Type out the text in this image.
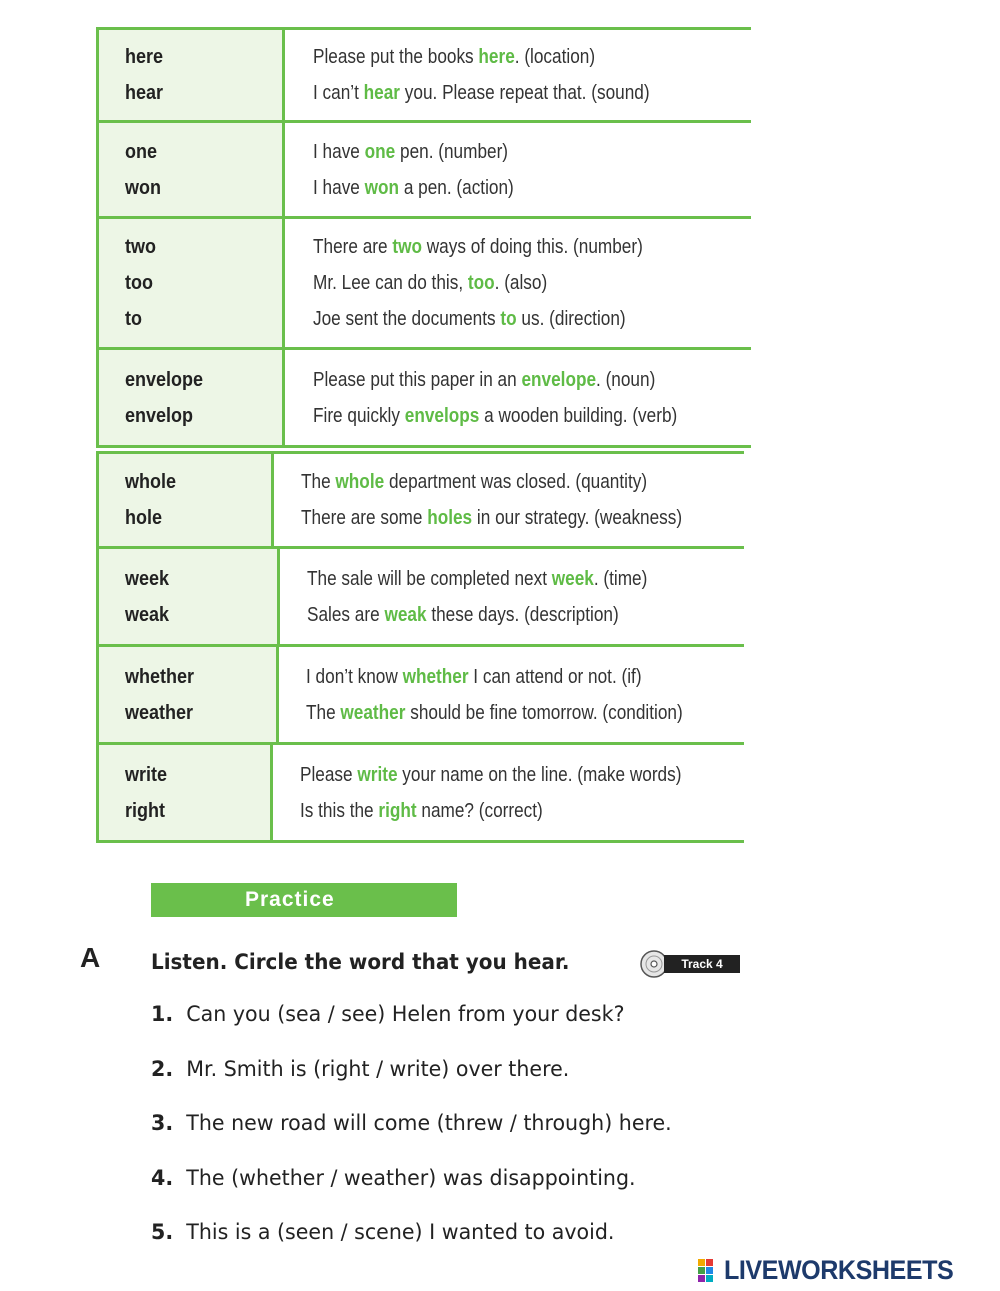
here
hear
Please put the books here. (location)
I can’t hear you. Please repeat that. (sound)
one
won
I have one pen. (number)
I have won a pen. (action)
two
too
to
There are two ways of doing this. (number)
Mr. Lee can do this, too. (also)
Joe sent the documents to us. (direction)
envelope
envelop
Please put this paper in an envelope. (noun)
Fire quickly envelops a wooden building. (verb)
whole
hole
The whole department was closed. (quantity)
There are some holes in our strategy. (weakness)
week
weak
The sale will be completed next week. (time)
Sales are weak these days. (description)
whether
weather
I don’t know whether I can attend or not. (if)
The weather should be fine tomorrow. (condition)
write
right
Please write your name on the line. (make words)
Is this the right name? (correct)
Practice
A Listen. Circle the word that you hear.	Track 4
1. Can you (sea / see) Helen from your desk?
2. Mr. Smith is (right / write) over there.
3. The new road will come (threw / through) here.
4. The (whether / weather) was disappointing.
5. This is a (seen / scene) I wanted to avoid.
LIVEWORKSHEETS
